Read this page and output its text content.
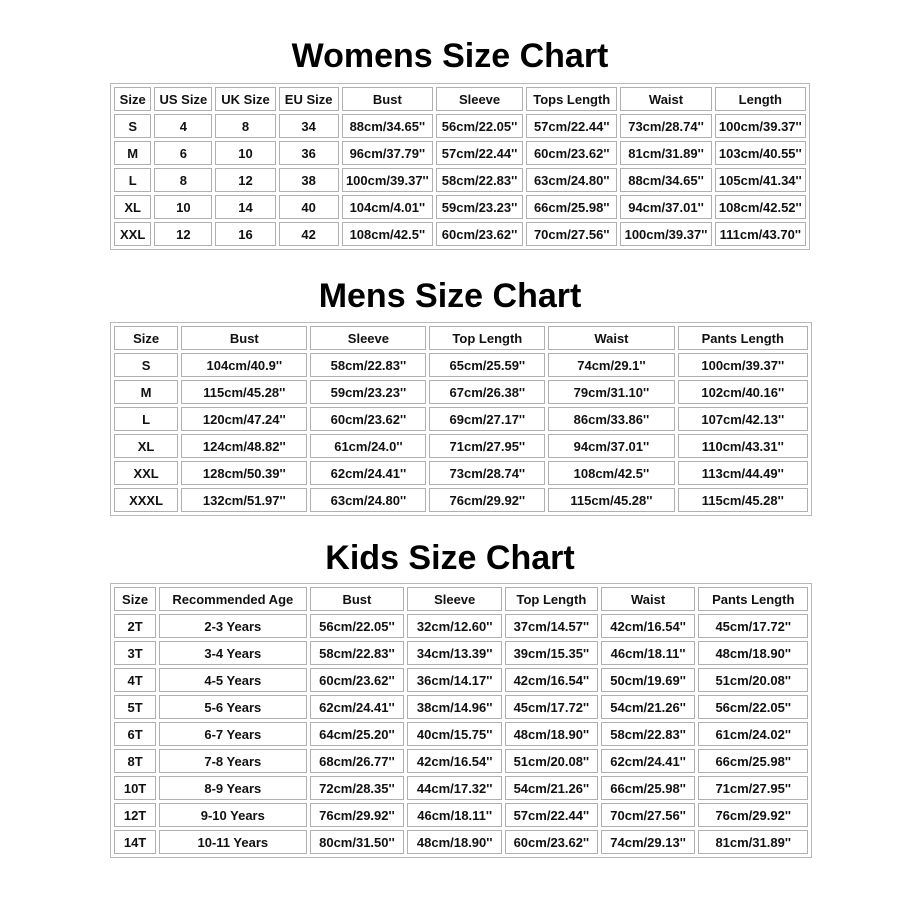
Womens Size Chart
Size	US Size	UK Size	EU Size	Bust	Sleeve	Tops Length	Waist	Length
S	4	8	34	88cm/34.65''	56cm/22.05''	57cm/22.44''	73cm/28.74''	100cm/39.37''
M	6	10	36	96cm/37.79''	57cm/22.44''	60cm/23.62''	81cm/31.89''	103cm/40.55''
L	8	12	38	100cm/39.37''	58cm/22.83''	63cm/24.80''	88cm/34.65''	105cm/41.34''
XL	10	14	40	104cm/4.01''	59cm/23.23''	66cm/25.98''	94cm/37.01''	108cm/42.52''
XXL	12	16	42	108cm/42.5''	60cm/23.62''	70cm/27.56''	100cm/39.37''	111cm/43.70''
Mens Size Chart
Size	Bust	Sleeve	Top Length	Waist	Pants Length
S	104cm/40.9''	58cm/22.83''	65cm/25.59''	74cm/29.1''	100cm/39.37''
M	115cm/45.28''	59cm/23.23''	67cm/26.38''	79cm/31.10''	102cm/40.16''
L	120cm/47.24''	60cm/23.62''	69cm/27.17''	86cm/33.86''	107cm/42.13''
XL	124cm/48.82''	61cm/24.0''	71cm/27.95''	94cm/37.01''	110cm/43.31''
XXL	128cm/50.39''	62cm/24.41''	73cm/28.74''	108cm/42.5''	113cm/44.49''
XXXL	132cm/51.97''	63cm/24.80''	76cm/29.92''	115cm/45.28''	115cm/45.28''
Kids Size Chart
Size	Recommended Age	Bust	Sleeve	Top Length	Waist	Pants Length
2T	2-3 Years	56cm/22.05''	32cm/12.60''	37cm/14.57''	42cm/16.54''	45cm/17.72''
3T	3-4 Years	58cm/22.83''	34cm/13.39''	39cm/15.35''	46cm/18.11''	48cm/18.90''
4T	4-5 Years	60cm/23.62''	36cm/14.17''	42cm/16.54''	50cm/19.69''	51cm/20.08''
5T	5-6 Years	62cm/24.41''	38cm/14.96''	45cm/17.72''	54cm/21.26''	56cm/22.05''
6T	6-7 Years	64cm/25.20''	40cm/15.75''	48cm/18.90''	58cm/22.83''	61cm/24.02''
8T	7-8 Years	68cm/26.77''	42cm/16.54''	51cm/20.08''	62cm/24.41''	66cm/25.98''
10T	8-9 Years	72cm/28.35''	44cm/17.32''	54cm/21.26''	66cm/25.98''	71cm/27.95''
12T	9-10 Years	76cm/29.92''	46cm/18.11''	57cm/22.44''	70cm/27.56''	76cm/29.92''
14T	10-11 Years	80cm/31.50''	48cm/18.90''	60cm/23.62''	74cm/29.13''	81cm/31.89''
